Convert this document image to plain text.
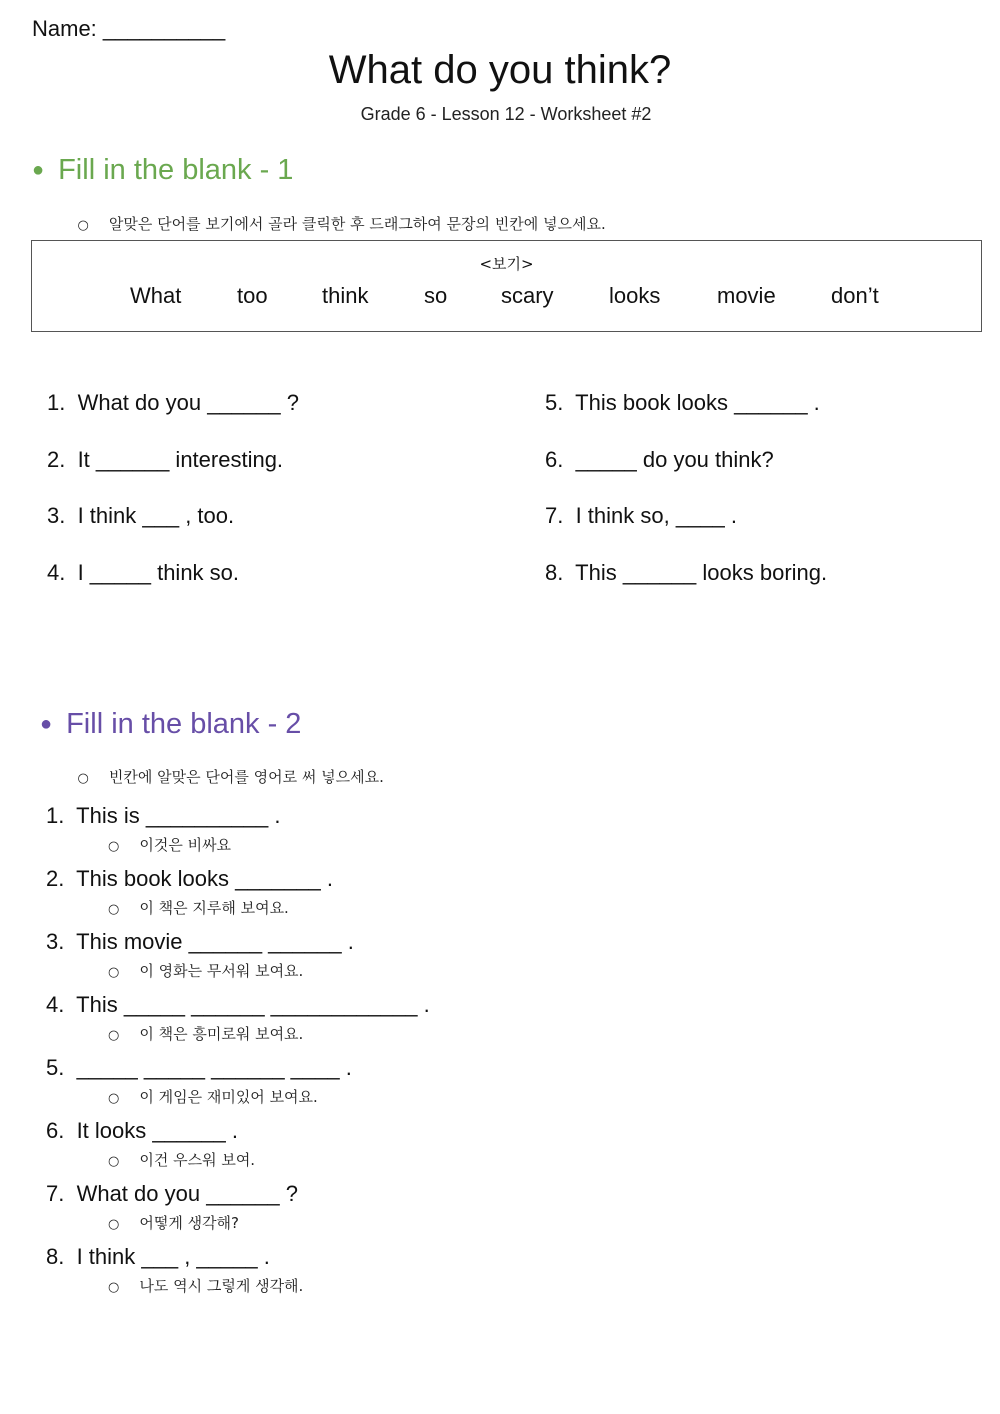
Name: __________
What do you think?
Grade 6 - Lesson 12 - Worksheet #2
● Fill in the blank - 1

○ 알맞은 단어를 보기에서 골라 클릭한 후 드래그하여 문장의 빈칸에 넣으세요.

<보기>
What	too think	so scary	looks	movie	don’t
1.  What do you ______ ?
2.  It ______ interesting.
3.  I think ___ , too.
4.  I _____ think so.
5.  This book looks ______ .
6.  _____ do you think?
7.  I think so, ____ .
8.  This ______ looks boring.
● Fill in the blank - 2

○ 빈칸에 알맞은 단어를 영어로 써 넣으세요.

1.  This is __________ .
○ 이것은 비싸요
2.  This book looks _______ .
○ 이 책은 지루해 보여요.
3.  This movie ______ ______ .
○ 이 영화는 무서워 보여요.
4.  This _____ ______ ____________ .
○ 이 책은 흥미로워 보여요.
5.  _____ _____ ______ ____ .
○ 이 게임은 재미있어 보여요.
6.  It looks ______ .
○ 이건 우스워 보여.
7.  What do you ______ ?
○ 어떻게 생각해?
8.  I think ___ , _____ .
○ 나도 역시 그렇게 생각해.
